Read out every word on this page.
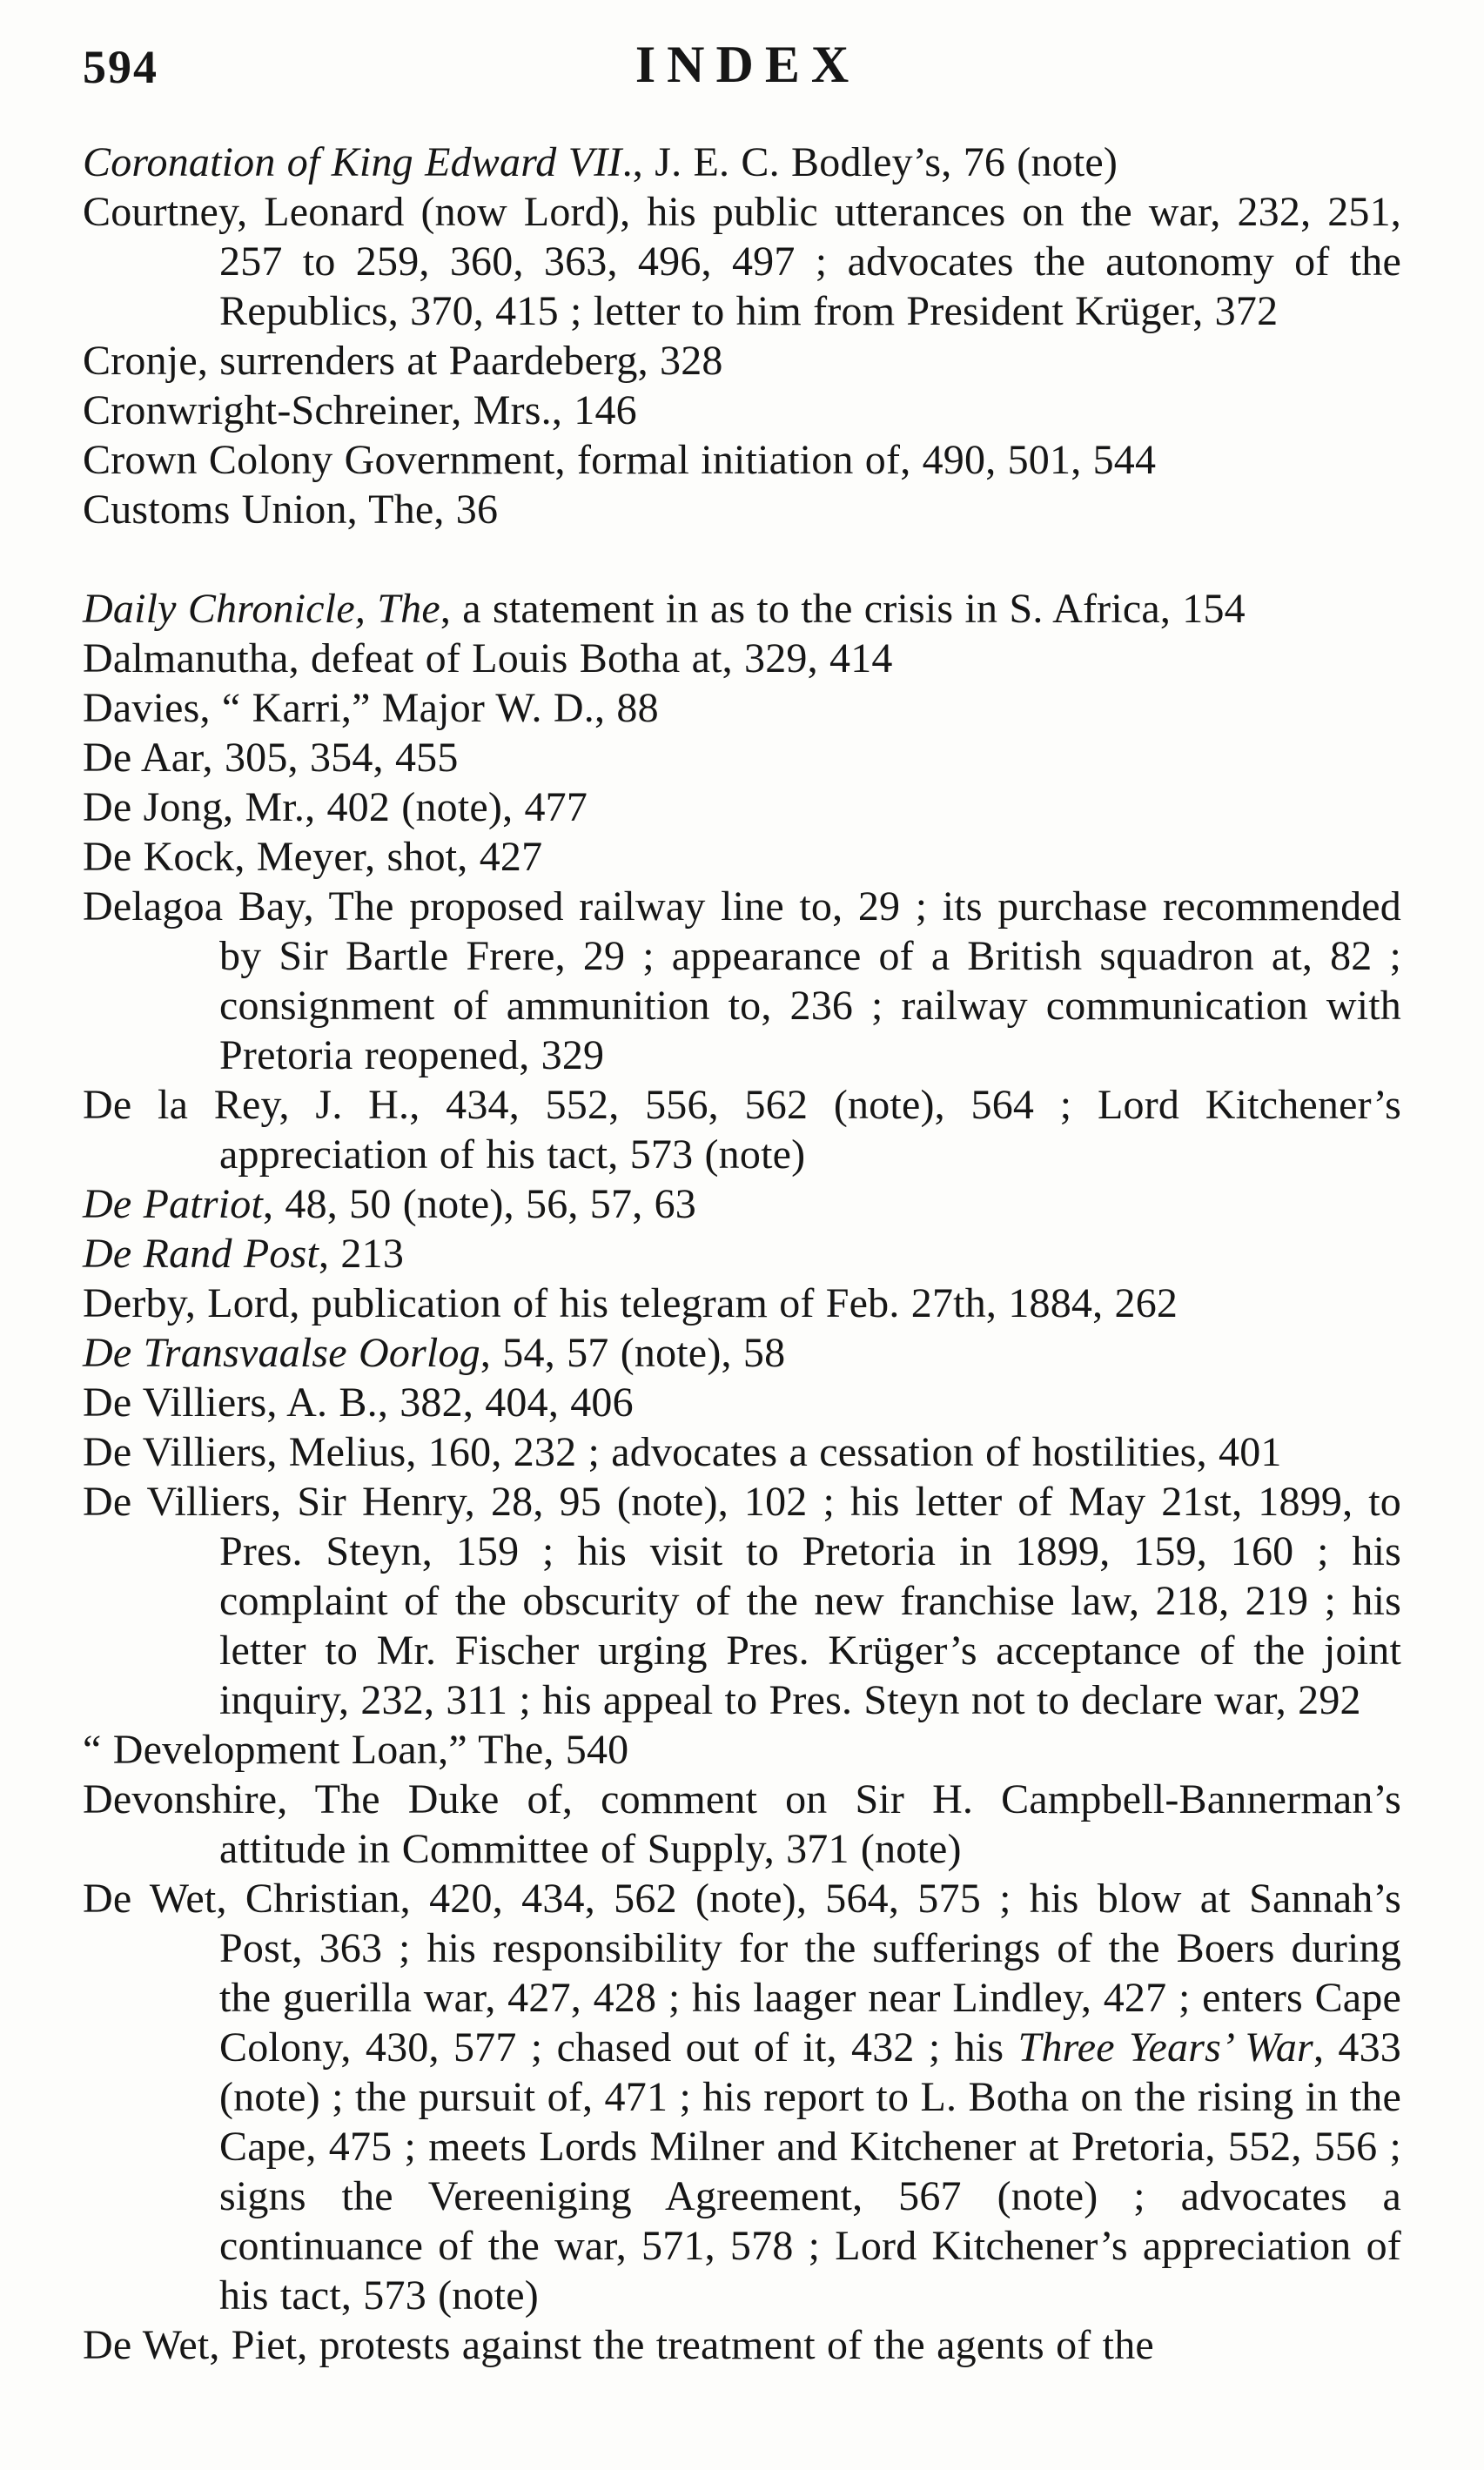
594	INDEX

Coronation of King Edward VII., J. E. C. Bodley’s, 76 (note)

Courtney, Leonard (now Lord), his public utterances on the war, 232, 251, 257 to 259, 360, 363, 496, 497 ; advocates the autonomy of the Republics, 370, 415 ; letter to him from President Krüger, 372

Cronje, surrenders at Paardeberg, 328

Cronwright-Schreiner, Mrs., 146

Crown Colony Government, formal initiation of, 490, 501, 544

Customs Union, The, 36

Daily Chronicle, The, a statement in as to the crisis in S. Africa, 154

Dalmanutha, defeat of Louis Botha at, 329, 414

Davies, “ Karri,” Major W. D., 88

De Aar, 305, 354, 455

De Jong, Mr., 402 (note), 477

De Kock, Meyer, shot, 427

Delagoa Bay, The proposed railway line to, 29 ; its purchase recommended by Sir Bartle Frere, 29 ; appearance of a British squadron at, 82 ; consignment of ammunition to, 236 ; railway communication with Pretoria reopened, 329

De la Rey, J. H., 434, 552, 556, 562 (note), 564 ; Lord Kitchener’s appreciation of his tact, 573 (note)

De Patriot, 48, 50 (note), 56, 57, 63

De Rand Post, 213

Derby, Lord, publication of his telegram of Feb. 27th, 1884, 262

De Transvaalse Oorlog, 54, 57 (note), 58

De Villiers, A. B., 382, 404, 406

De Villiers, Melius, 160, 232 ; advocates a cessation of hostilities, 401

De Villiers, Sir Henry, 28, 95 (note), 102 ; his letter of May 21st, 1899, to Pres. Steyn, 159 ; his visit to Pretoria in 1899, 159, 160 ; his complaint of the obscurity of the new franchise law, 218, 219 ; his letter to Mr. Fischer urging Pres. Krüger’s acceptance of the joint inquiry, 232, 311 ; his appeal to Pres. Steyn not to declare war, 292

“ Development Loan,” The, 540

Devonshire, The Duke of, comment on Sir H. Campbell-Bannerman’s attitude in Committee of Supply, 371 (note)

De Wet, Christian, 420, 434, 562 (note), 564, 575 ; his blow at Sannah’s Post, 363 ; his responsibility for the sufferings of the Boers during the guerilla war, 427, 428 ; his laager near Lindley, 427 ; enters Cape Colony, 430, 577 ; chased out of it, 432 ; his Three Years’ War, 433 (note) ; the pursuit of, 471 ; his report to L. Botha on the rising in the Cape, 475 ; meets Lords Milner and Kitchener at Pretoria, 552, 556 ; signs the Vereeniging Agreement, 567 (note) ; advocates a continuance of the war, 571, 578 ; Lord Kitchener’s appreciation of his tact, 573 (note)

De Wet, Piet, protests against the treatment of the agents of the
